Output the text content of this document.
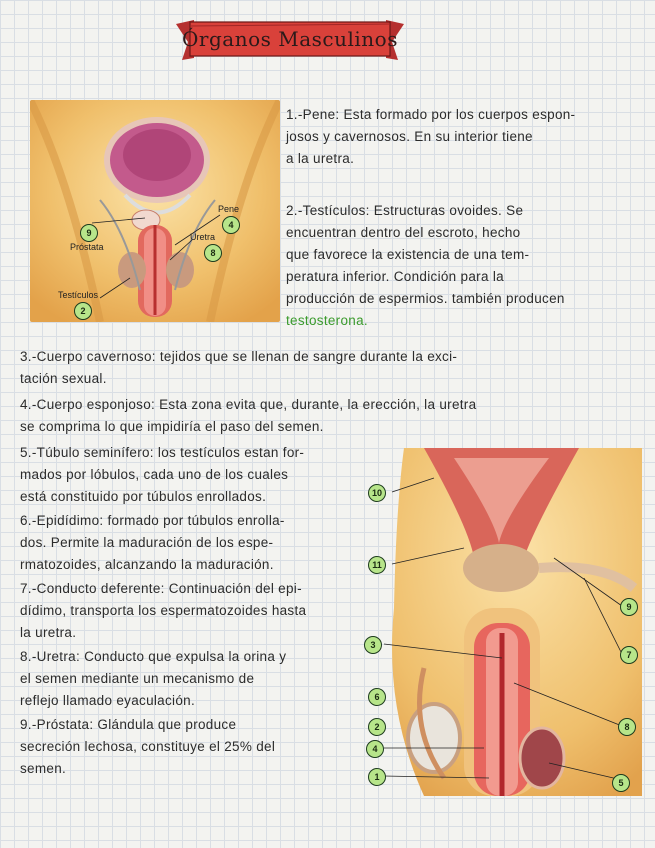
Órganos Masculinos
Pene
Uretra
Próstata
Testículos
4
8
9
2
10
11
3
6
2
4
1
9
7
8
5
1.-Pene: Esta formado por los cuerpos espon-
josos y cavernosos. En su interior tiene
a la uretra.
2.-Testículos: Estructuras ovoides. Se
encuentran dentro del escroto, hecho
que favorece la existencia de una tem-
peratura inferior. Condición para la
producción de espermios. también producen
testosterona.
3.-Cuerpo cavernoso: tejidos que se llenan de sangre durante la exci-
tación sexual.
4.-Cuerpo esponjoso: Esta zona evita que, durante, la erección, la uretra
se comprima lo que impidiría el paso del semen.
5.-Túbulo seminífero: los testículos estan for-
mados por lóbulos, cada uno de los cuales
está constituido por túbulos enrollados.
6.-Epidídimo: formado por túbulos enrolla-
dos. Permite la maduración de los espe-
rmatozoides, alcanzando la maduración.
7.-Conducto deferente: Continuación del epi-
dídimo, transporta los espermatozoides hasta
la uretra.
8.-Uretra: Conducto que expulsa la orina y
el semen mediante un mecanismo de
reflejo llamado eyaculación.
9.-Próstata: Glándula que produce
secreción lechosa, constituye el 25% del
semen.
